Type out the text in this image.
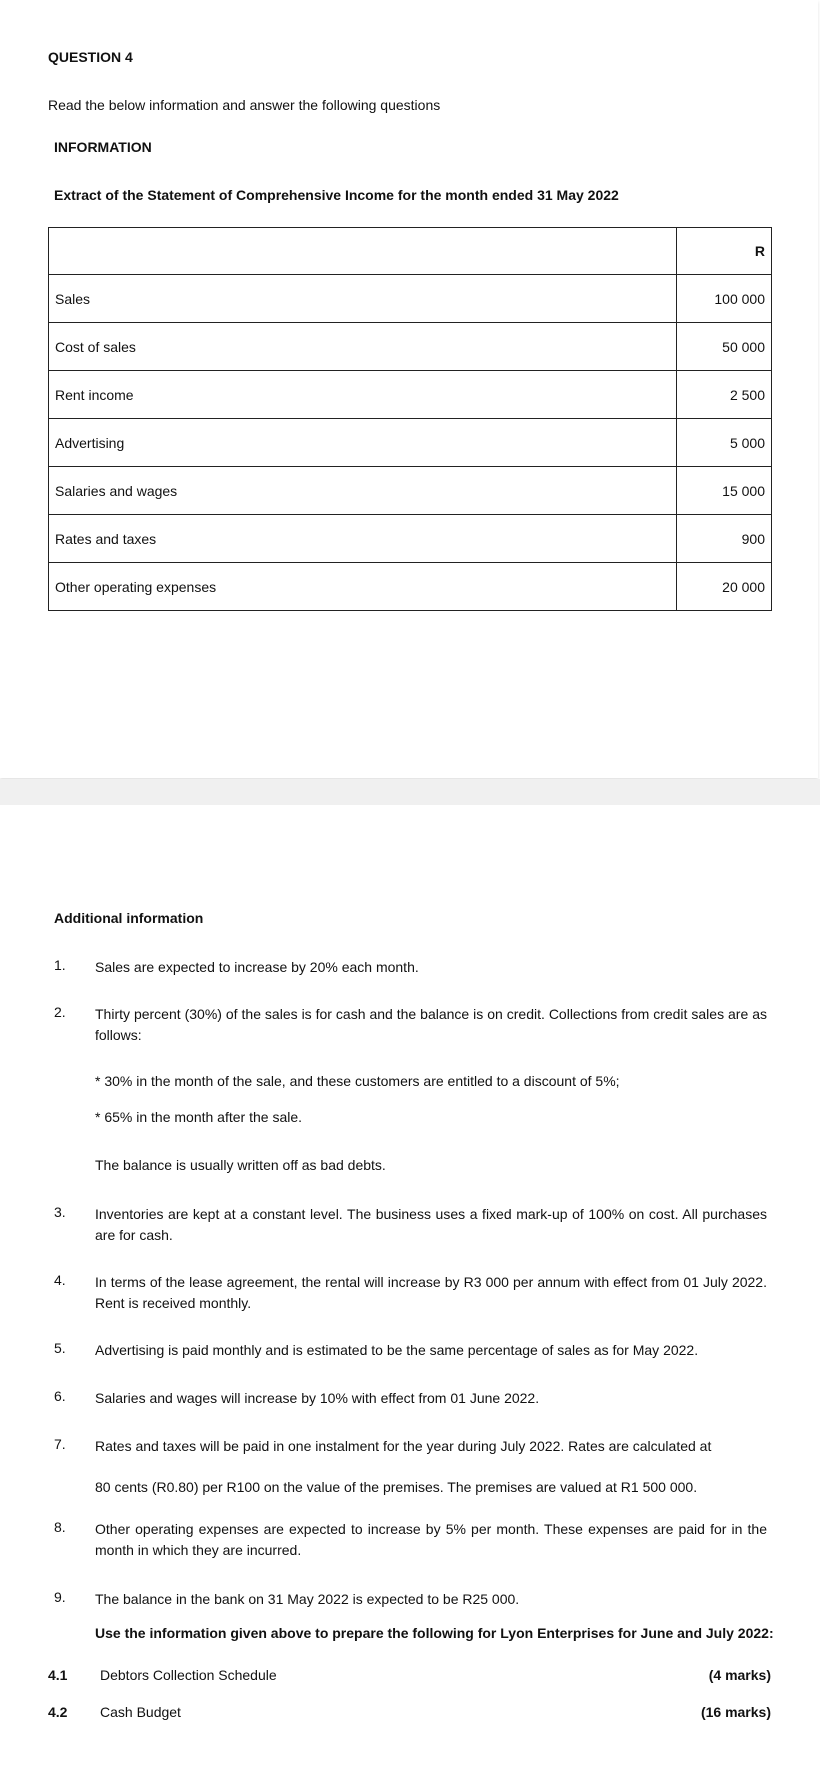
QUESTION 4
Read the below information and answer the following questions
INFORMATION
Extract of the Statement of Comprehensive Income for the month ended 31 May 2022
	R
Sales	100 000
Cost of sales	50 000
Rent income	2 500
Advertising	5 000
Salaries and wages	15 000
Rates and taxes	900
Other operating expenses	20 000
Additional information
1. Sales are expected to increase by 20% each month.
2. Thirty percent (30%) of the sales is for cash and the balance is on credit. Collections from credit sales are as follows:
* 30% in the month of the sale, and these customers are entitled to a discount of 5%;
* 65% in the month after the sale.
The balance is usually written off as bad debts.
3. Inventories are kept at a constant level. The business uses a fixed mark-up of 100% on cost. All purchases are for cash.
4. In terms of the lease agreement, the rental will increase by R3 000 per annum with effect from 01 July 2022. Rent is received monthly.
5. Advertising is paid monthly and is estimated to be the same percentage of sales as for May 2022.
6. Salaries and wages will increase by 10% with effect from 01 June 2022.
7. Rates and taxes will be paid in one instalment for the year during July 2022. Rates are calculated at
80 cents (R0.80) per R100 on the value of the premises. The premises are valued at R1 500 000.
8. Other operating expenses are expected to increase by 5% per month. These expenses are paid for in the month in which they are incurred.
9. The balance in the bank on 31 May 2022 is expected to be R25 000.
Use the information given above to prepare the following for Lyon Enterprises for June and July 2022:
4.1 Debtors Collection Schedule	(4 marks)
4.2 Cash Budget	(16 marks)
